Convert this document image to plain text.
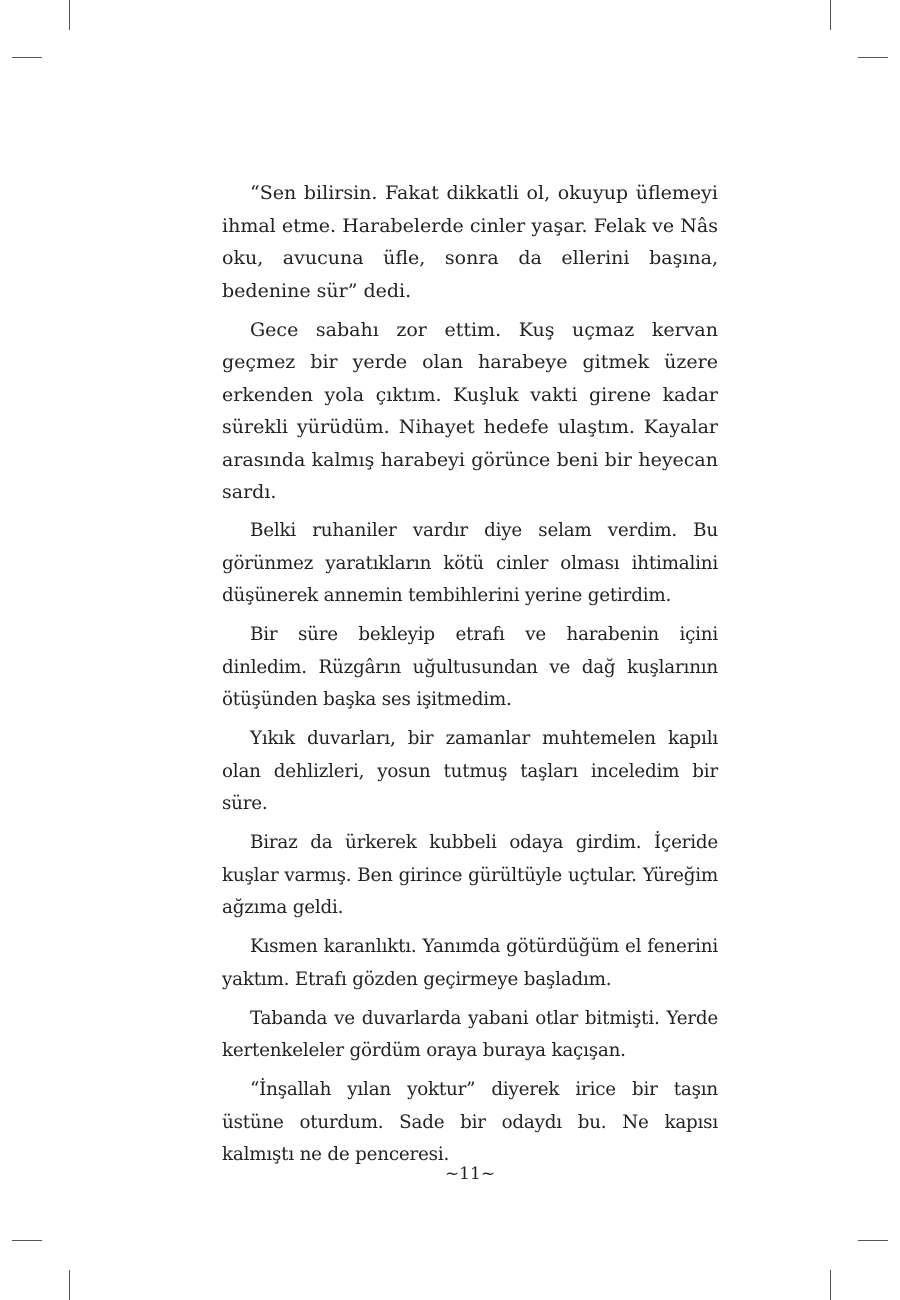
“Sen bilirsin. Fakat dikkatli ol, okuyup üflemeyi ihmal etme. Harabelerde cinler yaşar. Felak ve Nâs oku, avucuna üfle, sonra da ellerini başına, bedenine sür” dedi.

Gece sabahı zor ettim. Kuş uçmaz kervan geçmez bir yerde olan harabeye gitmek üzere erkenden yola çıktım. Kuşluk vakti girene kadar sürekli yürüdüm. Nihayet hedefe ulaştım. Kayalar arasında kalmış harabeyi görünce beni bir heyecan sardı.

Belki ruhaniler vardır diye selam verdim. Bu görünmez yaratıkların kötü cinler olması ihtimalini düşünerek annemin tembihlerini yerine getirdim.

Bir süre bekleyip etrafı ve harabenin içini dinledim. Rüzgârın uğultusundan ve dağ kuşlarının ötüşünden başka ses işitmedim.

Yıkık duvarları, bir zamanlar muhtemelen kapılı olan dehlizleri, yosun tutmuş taşları inceledim bir süre.

Biraz da ürkerek kubbeli odaya girdim. İçeride kuşlar varmış. Ben girince gürültüyle uçtular. Yüreğim ağzıma geldi.

Kısmen karanlıktı. Yanımda götürdüğüm el fenerini yaktım. Etrafı gözden geçirmeye başladım.

Tabanda ve duvarlarda yabani otlar bitmişti. Yerde kertenkeleler gördüm oraya buraya kaçışan.

“İnşallah yılan yoktur” diyerek irice bir taşın üstüne oturdum. Sade bir odaydı bu. Ne kapısı kalmıştı ne de penceresi.

~11~
